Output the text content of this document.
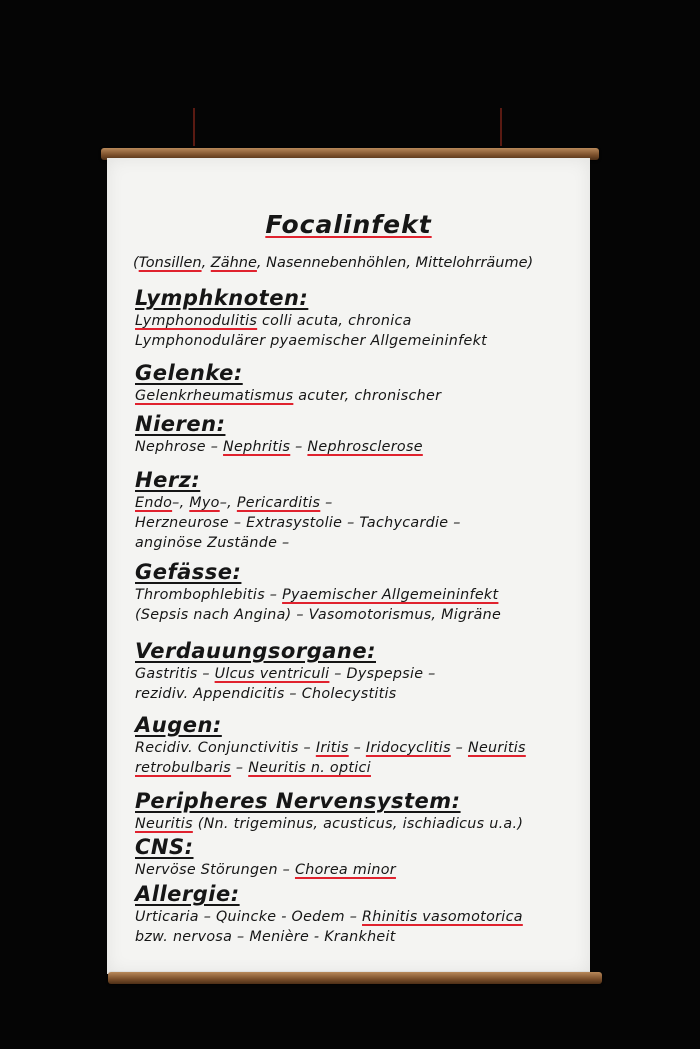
Focalinfekt
(Tonsillen, Zähne, Nasennebenhöhlen, Mittelohrräume)
Lymphknoten:
Lymphonodulitis colli acuta, chronica
Lymphonodulärer pyaemischer Allgemeininfekt
Gelenke:
Gelenkrheumatismus acuter, chronischer
Nieren:
Nephrose – Nephritis – Nephrosclerose
Herz:
Endo–, Myo–, Pericarditis –
Herzneurose – Extrasystolie – Tachycardie –
anginöse Zustände –
Gefässe:
Thrombophlebitis – Pyaemischer Allgemeininfekt
(Sepsis nach Angina) – Vasomotorismus, Migräne
Verdauungsorgane:
Gastritis – Ulcus ventriculi – Dyspepsie –
rezidiv. Appendicitis – Cholecystitis
Augen:
Recidiv. Conjunctivitis – Iritis – Iridocyclitis – Neuritis
retrobulbaris – Neuritis n. optici
Peripheres Nervensystem:
Neuritis (Nn. trigeminus, acusticus, ischiadicus u.a.)
CNS:
Nervöse Störungen – Chorea minor
Allergie:
Urticaria – Quincke - Oedem – Rhinitis vasomotorica
bzw. nervosa – Menière - Krankheit
